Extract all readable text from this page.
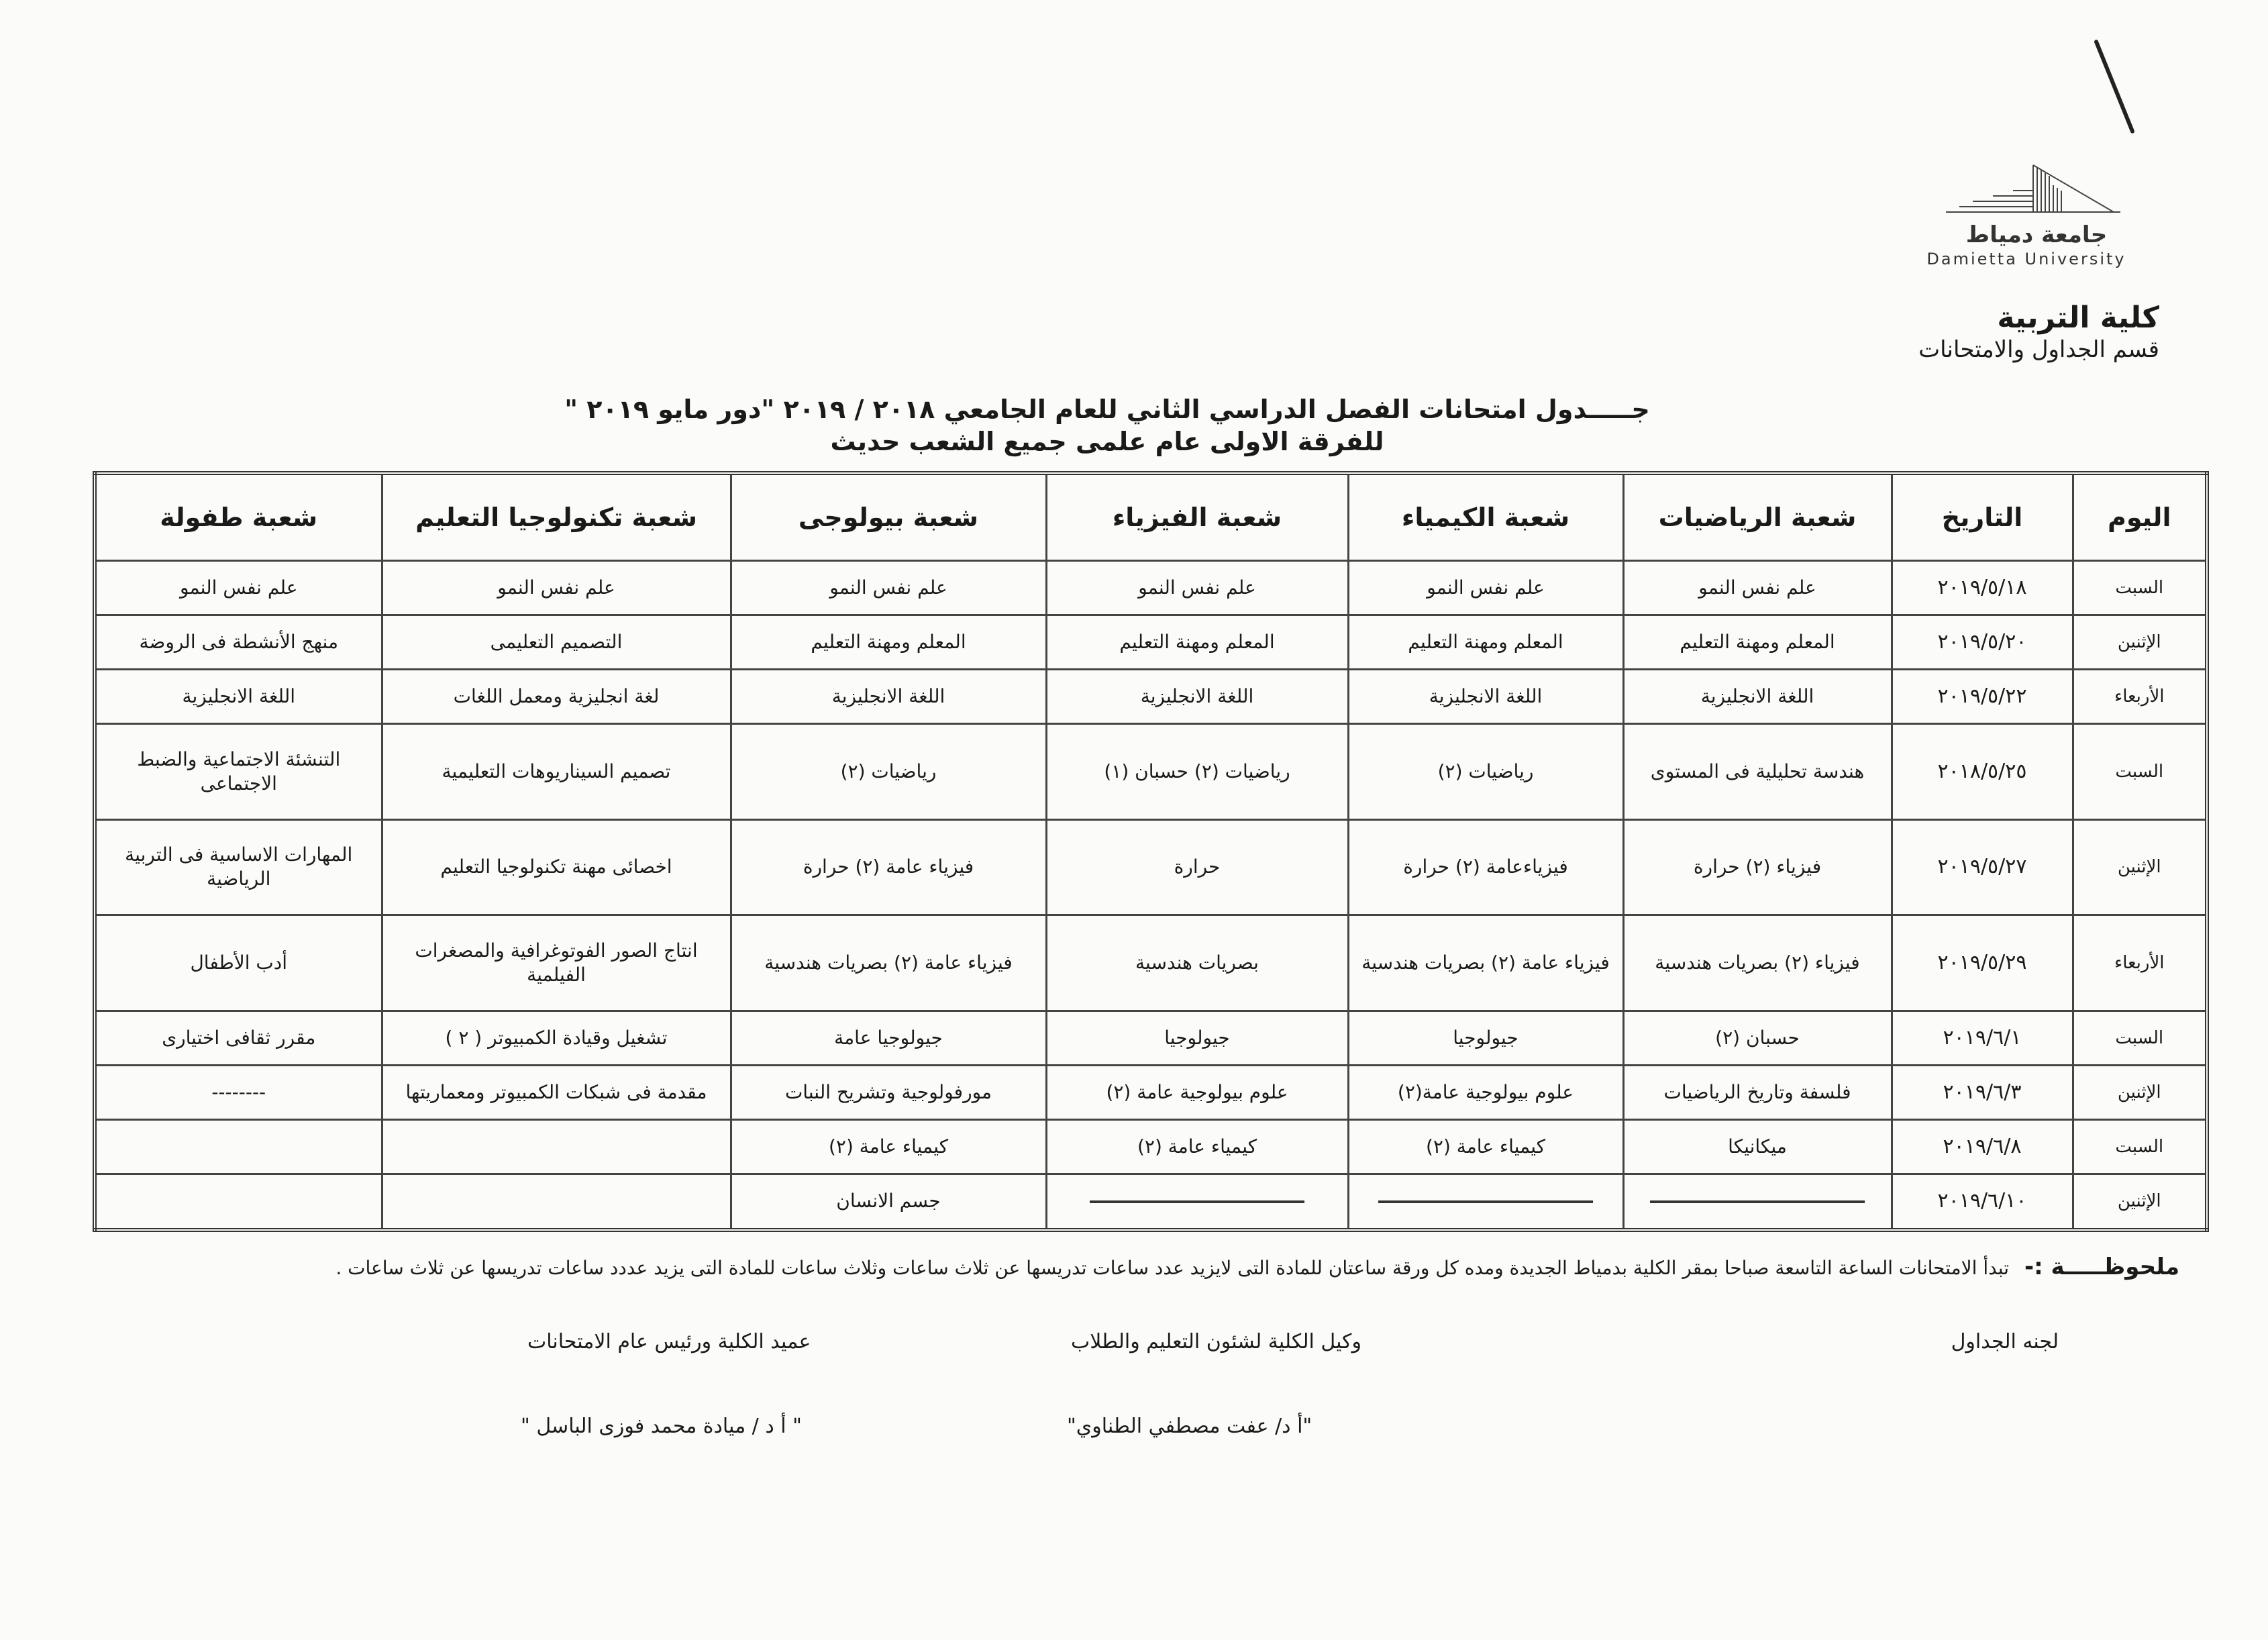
جامعة دمياط
Damietta University
كلية التربية
قسم الجداول والامتحانات
جـــــدول امتحانات الفصل الدراسي الثاني للعام الجامعي ٢٠١٨ / ٢٠١٩ "دور مايو ٢٠١٩ "
للفرقة الاولى عام علمى جميع الشعب حديث
اليوم	التاريخ	شعبة الرياضيات	شعبة الكيمياء	شعبة الفيزياء	شعبة بيولوجى	شعبة تكنولوجيا التعليم	شعبة طفولة
السبت	٢٠١٩/٥/١٨	علم نفس النمو	علم نفس النمو	علم نفس النمو	علم نفس النمو	علم نفس النمو	علم نفس النمو
الإثنين	٢٠١٩/٥/٢٠	المعلم ومهنة التعليم	المعلم ومهنة التعليم	المعلم ومهنة التعليم	المعلم ومهنة التعليم	التصميم التعليمى	منهج الأنشطة فى الروضة
الأربعاء	٢٠١٩/٥/٢٢	اللغة الانجليزية	اللغة الانجليزية	اللغة الانجليزية	اللغة الانجليزية	لغة انجليزية ومعمل اللغات	اللغة الانجليزية
السبت	٢٠١٨/٥/٢٥	هندسة تحليلية فى المستوى	رياضيات (٢)	رياضيات (٢) حسبان (١)	رياضيات (٢)	تصميم السيناريوهات التعليمية	التنشئة الاجتماعية والضبط الاجتماعى
الإثنين	٢٠١٩/٥/٢٧	فيزياء (٢) حرارة	فيزياءعامة (٢) حرارة	حرارة	فيزياء عامة (٢) حرارة	اخصائى مهنة تكنولوجيا التعليم	المهارات الاساسية فى التربية الرياضية
الأربعاء	٢٠١٩/٥/٢٩	فيزياء (٢) بصريات هندسية	فيزياء عامة (٢) بصريات هندسية	بصريات هندسية	فيزياء عامة (٢) بصريات هندسية	انتاج الصور الفوتوغرافية والمصغرات الفيلمية	أدب الأطفال
السبت	٢٠١٩/٦/١	حسبان (٢)	جيولوجيا	جيولوجيا	جيولوجيا عامة	تشغيل وقيادة الكمبيوتر ( ٢ )	مقرر ثقافى اختيارى
الإثنين	٢٠١٩/٦/٣	فلسفة وتاريخ الرياضيات	علوم بيولوجية عامة(٢)	علوم بيولوجية عامة (٢)	مورفولوجية وتشريح النبات	مقدمة فى شبكات الكمبيوتر ومعماريتها	--------
السبت	٢٠١٩/٦/٨	ميكانيكا	كيمياء عامة (٢)	كيمياء عامة (٢)	كيمياء عامة (٢)		
الإثنين	٢٠١٩/٦/١٠				جسم الانسان		
ملحوظـــــة :- تبدأ الامتحانات الساعة التاسعة صباحا بمقر الكلية بدمياط الجديدة ومده كل ورقة ساعتان للمادة التى لايزيد عدد ساعات تدريسها عن ثلاث ساعات وثلاث ساعات للمادة التى يزيد عددد ساعات تدريسها عن ثلاث ساعات .
لجنه الجداول
وكيل الكلية لشئون التعليم والطلاب
"أ د/ عفت مصطفي الطناوي"
عميد الكلية ورئيس عام الامتحانات
" أ د / ميادة محمد فوزى الباسل "
